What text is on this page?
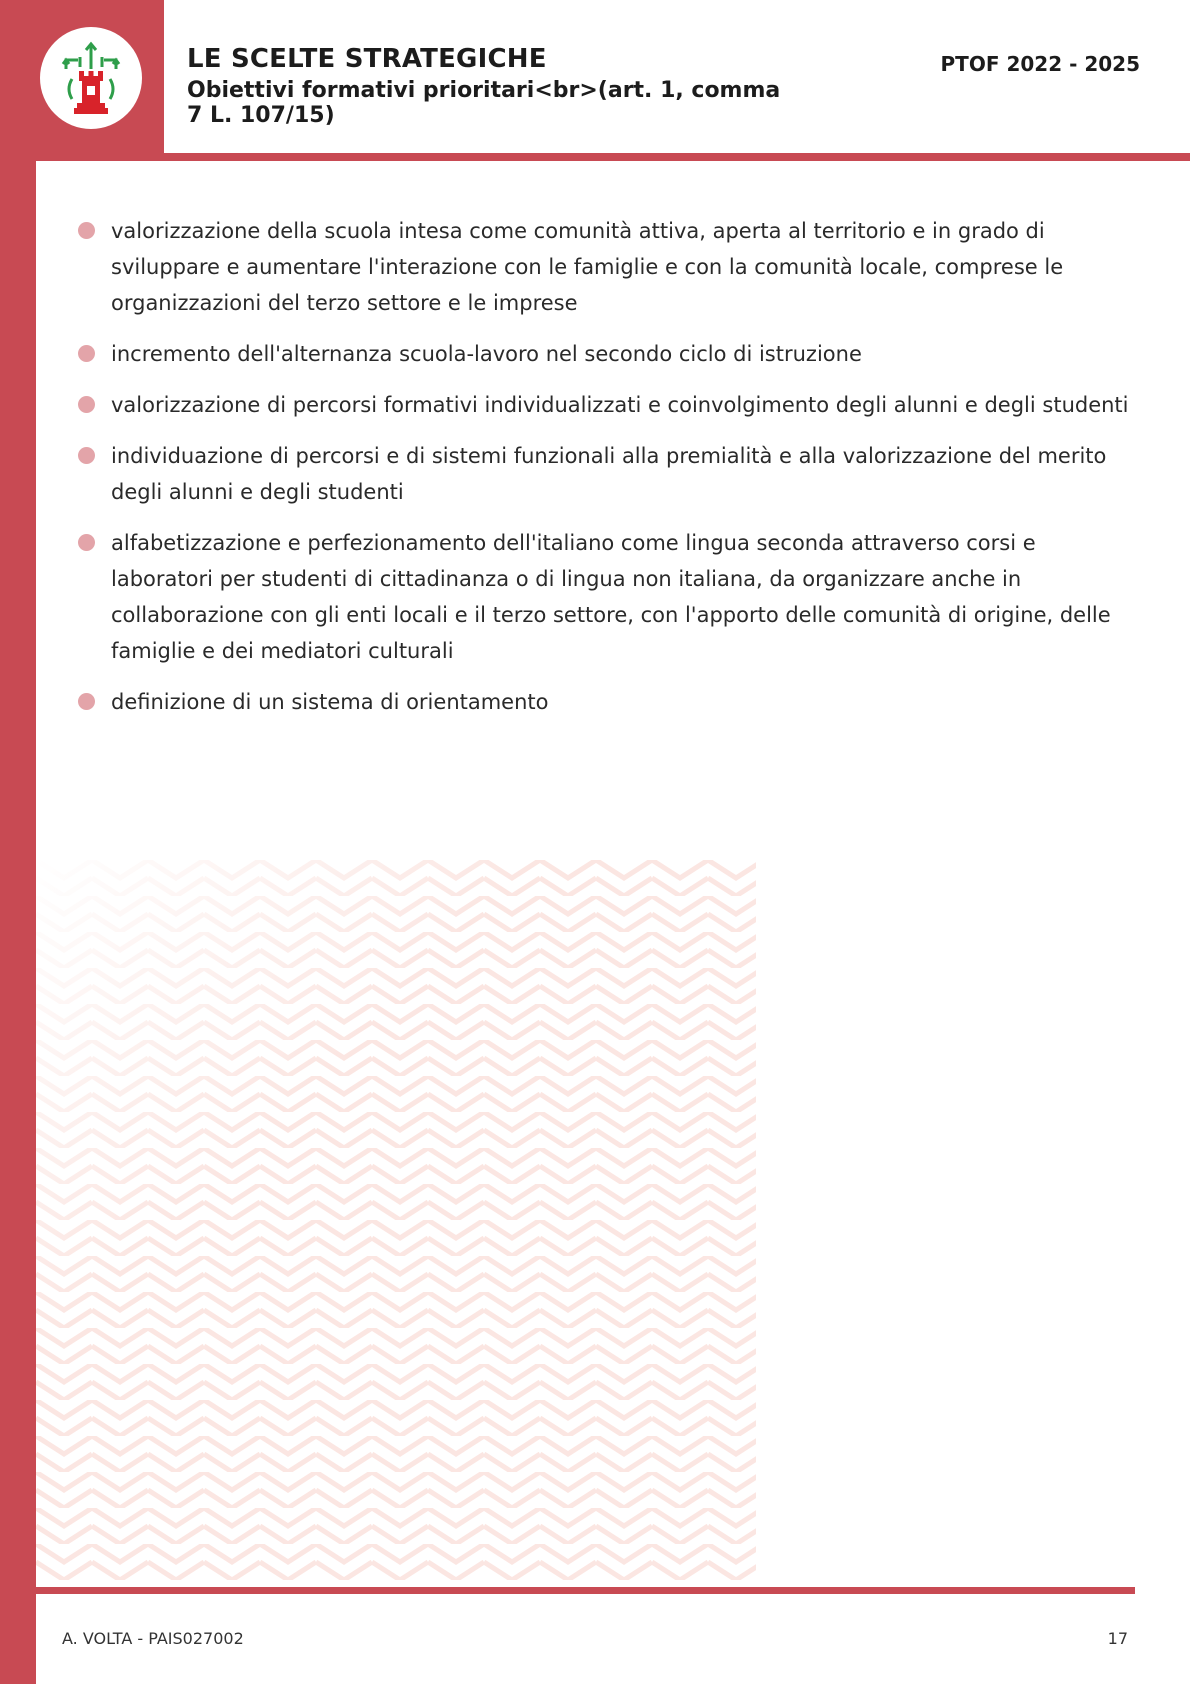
LE SCELTE STRATEGICHE

Obiettivi formativi prioritari<br>(art. 1, comma 7 L. 107/15)

PTOF 2022 - 2025

valorizzazione della scuola intesa come comunità attiva, aperta al territorio e in grado di sviluppare e aumentare l'interazione con le famiglie e con la comunità locale, comprese le organizzazioni del terzo settore e le imprese
incremento dell'alternanza scuola-lavoro nel secondo ciclo di istruzione
valorizzazione di percorsi formativi individualizzati e coinvolgimento degli alunni e degli studenti
individuazione di percorsi e di sistemi funzionali alla premialità e alla valorizzazione del merito degli alunni e degli studenti
alfabetizzazione e perfezionamento dell'italiano come lingua seconda attraverso corsi e laboratori per studenti di cittadinanza o di lingua non italiana, da organizzare anche in collaborazione con gli enti locali e il terzo settore, con l'apporto delle comunità di origine, delle famiglie e dei mediatori culturali
definizione di un sistema di orientamento

A. VOLTA - PAIS027002	17
